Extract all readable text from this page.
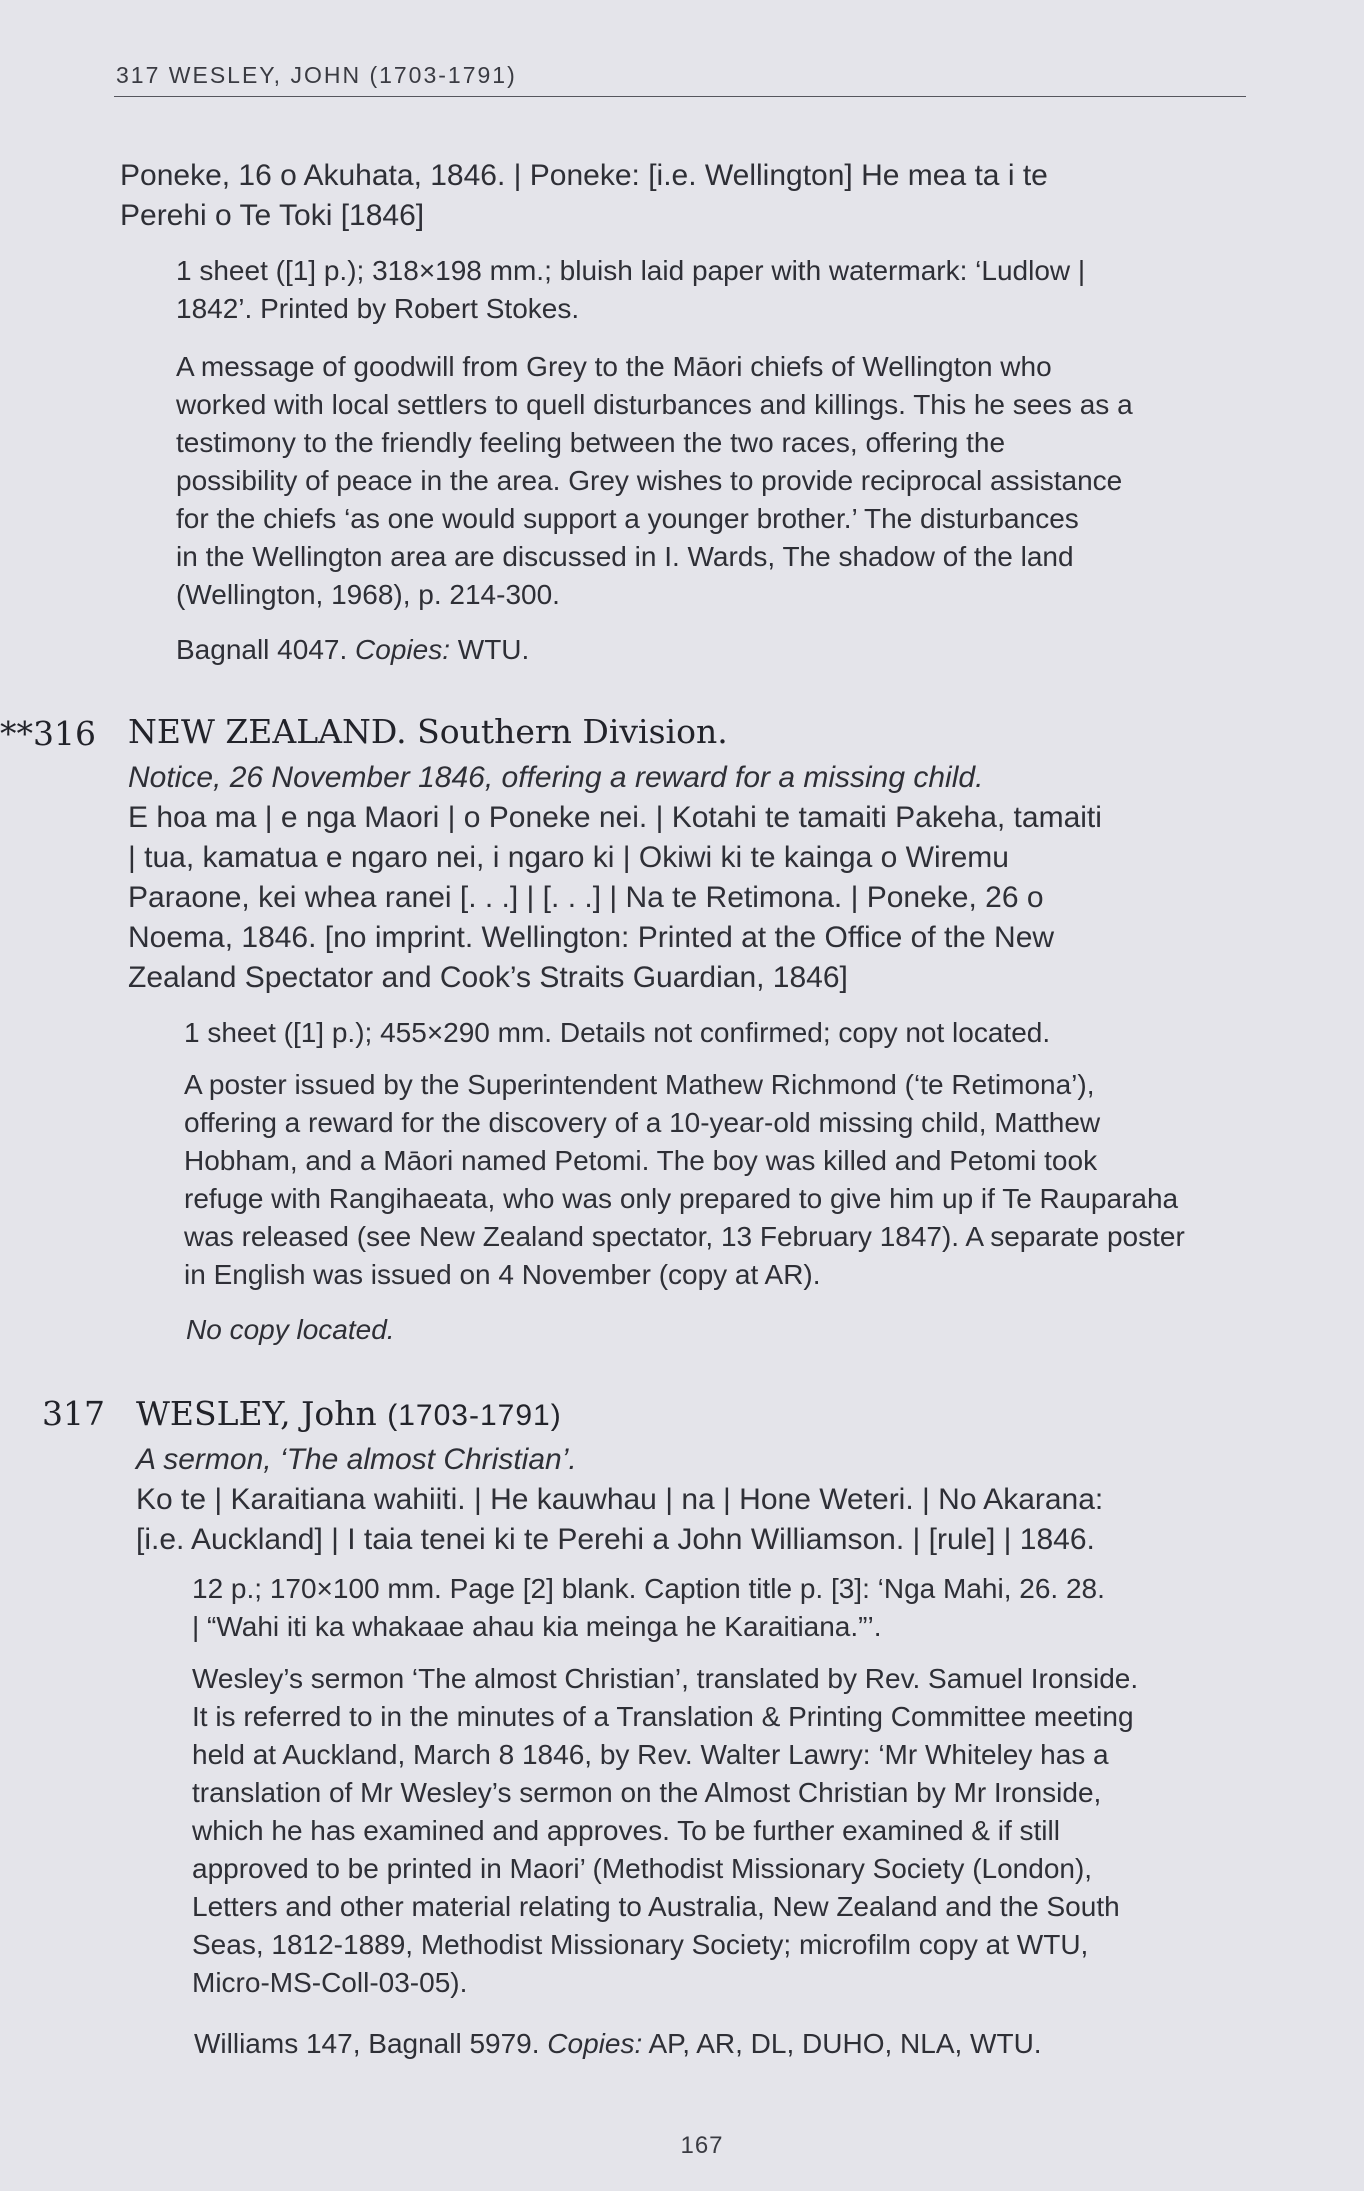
317 WESLEY, JOHN (1703-1791)
Poneke, 16 o Akuhata, 1846. | Poneke: [i.e. Wellington] He mea ta i te
Perehi o Te Toki [1846]
1 sheet ([1] p.); 318×198 mm.; bluish laid paper with watermark: ‘Ludlow |
1842’. Printed by Robert Stokes.
A message of goodwill from Grey to the Māori chiefs of Wellington who
worked with local settlers to quell disturbances and killings. This he sees as a
testimony to the friendly feeling between the two races, offering the
possibility of peace in the area. Grey wishes to provide reciprocal assistance
for the chiefs ‘as one would support a younger brother.’ The disturbances
in the Wellington area are discussed in I. Wards, The shadow of the land
(Wellington, 1968), p. 214-300.
Bagnall 4047. Copies: WTU.
**316 NEW ZEALAND. Southern Division.
Notice, 26 November 1846, offering a reward for a missing child.
E hoa ma | e nga Maori | o Poneke nei. | Kotahi te tamaiti Pakeha, tamaiti
| tua, kamatua e ngaro nei, i ngaro ki | Okiwi ki te kainga o Wiremu
Paraone, kei whea ranei [. . .] | [. . .] | Na te Retimona. | Poneke, 26 o
Noema, 1846. [no imprint. Wellington: Printed at the Office of the New
Zealand Spectator and Cook’s Straits Guardian, 1846]
1 sheet ([1] p.); 455×290 mm. Details not confirmed; copy not located.
A poster issued by the Superintendent Mathew Richmond (‘te Retimona’),
offering a reward for the discovery of a 10-year-old missing child, Matthew
Hobham, and a Māori named Petomi. The boy was killed and Petomi took
refuge with Rangihaeata, who was only prepared to give him up if Te Rauparaha
was released (see New Zealand spectator, 13 February 1847). A separate poster
in English was issued on 4 November (copy at AR).
No copy located.
317 WESLEY, John (1703-1791)
A sermon, ‘The almost Christian’.
Ko te | Karaitiana wahiiti. | He kauwhau | na | Hone Weteri. | No Akarana:
[i.e. Auckland] | I taia tenei ki te Perehi a John Williamson. | [rule] | 1846.
12 p.; 170×100 mm. Page [2] blank. Caption title p. [3]: ‘Nga Mahi, 26. 28.
| “Wahi iti ka whakaae ahau kia meinga he Karaitiana.”’.
Wesley’s sermon ‘The almost Christian’, translated by Rev. Samuel Ironside.
It is referred to in the minutes of a Translation & Printing Committee meeting
held at Auckland, March 8 1846, by Rev. Walter Lawry: ‘Mr Whiteley has a
translation of Mr Wesley’s sermon on the Almost Christian by Mr Ironside,
which he has examined and approves. To be further examined & if still
approved to be printed in Maori’ (Methodist Missionary Society (London),
Letters and other material relating to Australia, New Zealand and the South
Seas, 1812-1889, Methodist Missionary Society; microfilm copy at WTU,
Micro-MS-Coll-03-05).
Williams 147, Bagnall 5979. Copies: AP, AR, DL, DUHO, NLA, WTU.
167
